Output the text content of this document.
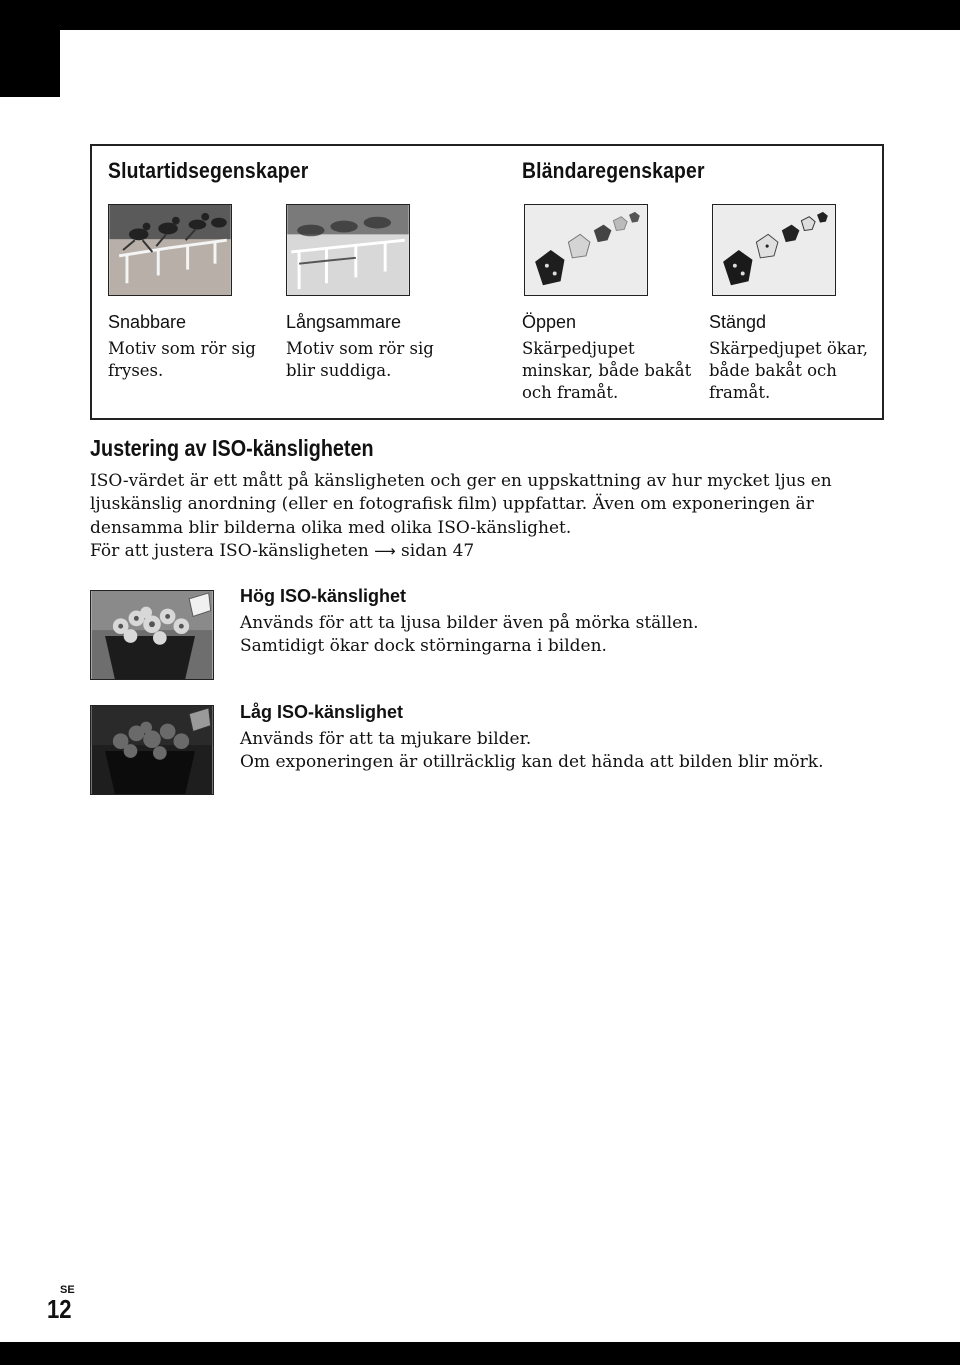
Slutartidsegenskaper	Bländaregenskaper
Snabbare
Motiv som rör sig
fryses.
Långsammare
Motiv som rör sig
blir suddiga.
Öppen
Skärpedjupet
minskar, både bakåt
och framåt.
Stängd
Skärpedjupet ökar,
både bakåt och
framåt.
Justering av ISO-känsligheten

ISO-värdet är ett mått på känsligheten och ger en uppskattning av hur mycket ljus en

ljuskänslig anordning (eller en fotografisk film) uppfattar. Även om exponeringen är

densamma blir bilderna olika med olika ISO-känslighet.

För att justera ISO-känsligheten ⟶ sidan 47

Hög ISO-känslighet

Används för att ta ljusa bilder även på mörka ställen.

Samtidigt ökar dock störningarna i bilden.

Låg ISO-känslighet

Används för att ta mjukare bilder.

Om exponeringen är otillräcklig kan det hända att bilden blir mörk.

SE
12
